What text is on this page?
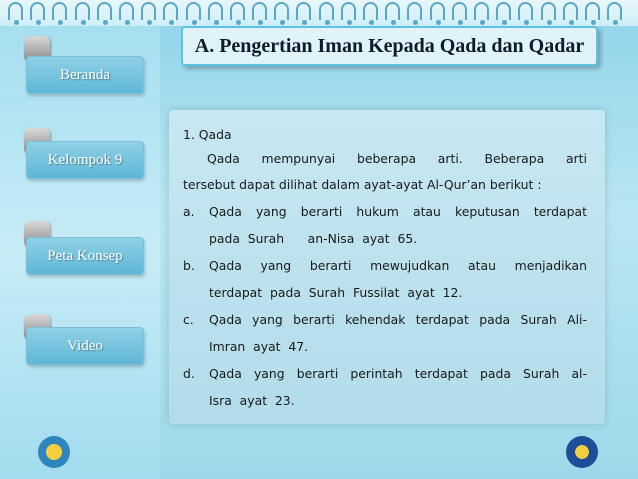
Beranda
Kelompok 9
Peta Konsep
Video
A. Pengertian Iman Kepada Qada dan Qadar
1. Qada
Qada mempunyai beberapa arti. Beberapa arti
tersebut dapat dilihat dalam ayat-ayat Al-Qur’an berikut :
a.	Qada yang berarti hukum atau keputusan terdapat
pada  Surah      an-Nisa  ayat  65.
b.	Qada yang berarti mewujudkan atau menjadikan
terdapat  pada  Surah  Fussilat  ayat  12.
c.	Qada yang berarti kehendak terdapat pada Surah Ali-
Imran  ayat  47.
d.	Qada yang berarti perintah terdapat pada Surah al-
Isra  ayat  23.
